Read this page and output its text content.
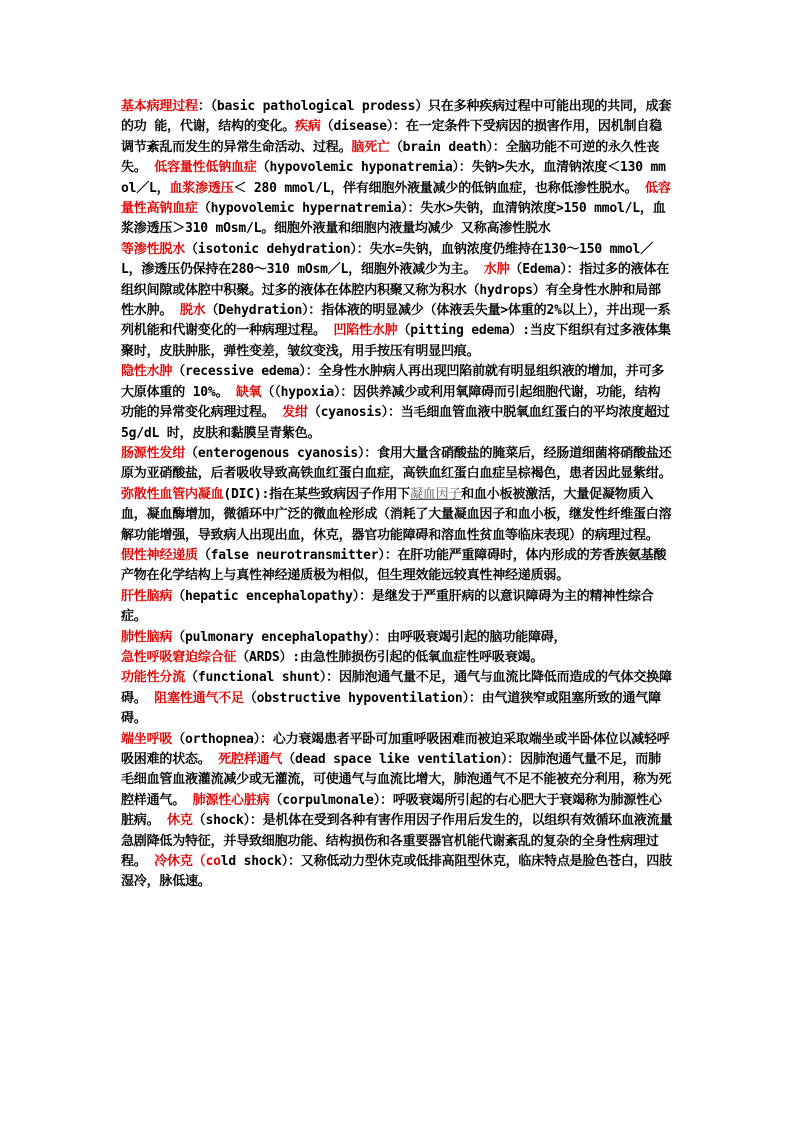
基本病理过程：（basic pathological prodess）只在多种疾病过程中可能出现的共同，成套的功 能，代谢，结构的变化。疾病（disease）：在一定条件下受病因的损害作用，因机制自稳调节紊乱而发生的异常生命活动、过程。脑死亡（brain death）：全脑功能不可逆的永久性丧失。 低容量性低钠血症（hypovolemic hyponatremia）：失钠>失水，血清钠浓度＜130 mmol／L，血浆渗透压＜ 280 mmol/L，伴有细胞外液量减少的低钠血症，也称低渗性脱水。 低容量性高钠血症（hypovolemic hypernatremia）：失水>失钠，血清钠浓度>150 mmol/L，血浆渗透压＞310 mOsm/L。细胞外液量和细胞内液量均减少 又称高渗性脱水

等渗性脱水（isotonic dehydration）：失水=失钠，血钠浓度仍维持在130～150 mmol／L，渗透压仍保持在280～310 mOsm／L，细胞外液减少为主。 水肿（Edema）：指过多的液体在组织间隙或体腔中积聚。过多的液体在体腔内积聚又称为积水（hydrops）有全身性水肿和局部性水肿。 脱水（Dehydration）：指体液的明显减少（体液丢失量>体重的2%以上），并出现一系列机能和代谢变化的一种病理过程。 凹陷性水肿（pitting edema）:当皮下组织有过多液体集聚时，皮肤肿胀，弹性变差，皱纹变浅，用手按压有明显凹痕。

隐性水肿（recessive edema）：全身性水肿病人再出现凹陷前就有明显组织液的增加，并可多大原体重的 10%。 缺氧（（hypoxia）：因供养减少或利用氧障碍而引起细胞代谢，功能，结构功能的异常变化病理过程。 发绀（cyanosis）：当毛细血管血液中脱氧血红蛋白的平均浓度超过 5g/dL 时，皮肤和黏膜呈青紫色。

肠源性发绀（enterogenous cyanosis）：食用大量含硝酸盐的腌菜后，经肠道细菌将硝酸盐还原为亚硝酸盐，后者吸收导致高铁血红蛋白血症，高铁血红蛋白血症呈棕褐色，患者因此显紫绀。

弥散性血管内凝血(DIC):指在某些致病因子作用下凝血因子和血小板被激活，大量促凝物质入血，凝血酶增加，微循环中广泛的微血栓形成（消耗了大量凝血因子和血小板，继发性纤维蛋白溶解功能增强，导致病人出现出血，休克，器官功能障碍和溶血性贫血等临床表现）的病理过程。

假性神经递质（false neurotransmitter）：在肝功能严重障碍时，体内形成的芳香族氨基酸产物在化学结构上与真性神经递质极为相似，但生理效能远较真性神经递质弱。

肝性脑病（hepatic encephalopathy）：是继发于严重肝病的以意识障碍为主的精神性综合症。

肺性脑病（pulmonary encephalopathy）：由呼吸衰竭引起的脑功能障碍，

急性呼吸窘迫综合征（ARDS）:由急性肺损伤引起的低氧血症性呼吸衰竭。

功能性分流（functional shunt）：因肺泡通气量不足，通气与血流比降低而造成的气体交换障碍。 阻塞性通气不足（obstructive hypoventilation）：由气道狭窄或阻塞所致的通气障碍。

端坐呼吸（orthopnea）：心力衰竭患者平卧可加重呼吸困难而被迫采取端坐或半卧体位以减轻呼吸困难的状态。 死腔样通气（dead space like ventilation）：因肺泡通气量不足，而肺毛细血管血液灌流减少或无灌流，可使通气与血流比增大，肺泡通气不足不能被充分利用，称为死腔样通气。 肺源性心脏病（corpulmonale）：呼吸衰竭所引起的右心肥大于衰竭称为肺源性心脏病。 休克（shock）：是机体在受到各种有害作用因子作用后发生的，以组织有效循环血液流量急剧降低为特征，并导致细胞功能、结构损伤和各重要器官机能代谢紊乱的复杂的全身性病理过程。 冷休克（cold shock）：又称低动力型休克或低排高阻型休克，临床特点是脸色苍白，四肢湿冷，脉低速。
